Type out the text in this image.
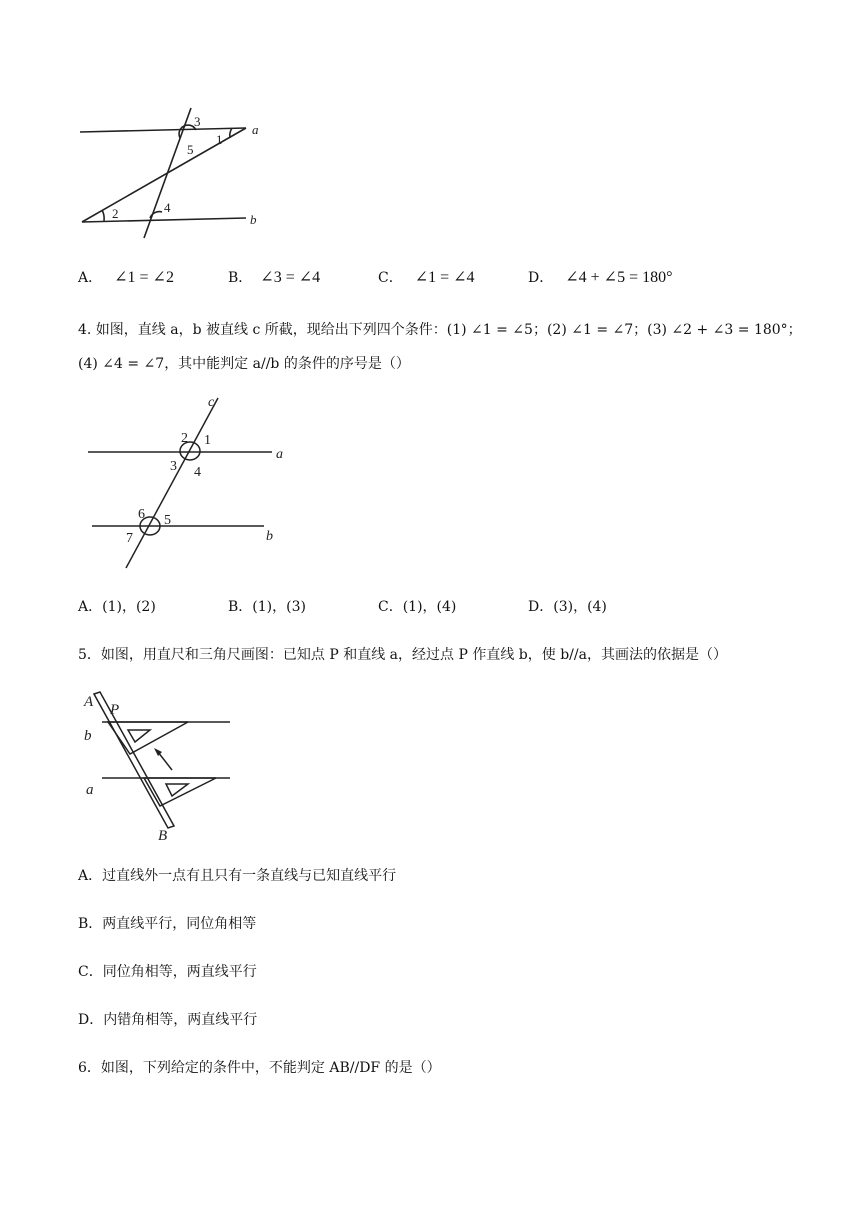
3
1
5
a
2	4
b
A． ∠1 = ∠2	B． ∠3 = ∠4	C． ∠1 = ∠4	D． ∠4 + ∠5 = 180°
4. 如图，直线 a，b 被直线 c 所截，现给出下列四个条件：(1) ∠1 = ∠5；(2) ∠1 = ∠7；(3) ∠2 + ∠3 = 180°；
(4) ∠4 = ∠7，其中能判定 a//b 的条件的序号是（）
c
2 1
3 4
a
6 5
7	b
A．(1)，(2)	B．(1)，(3)	C．(1)，(4)	D．(3)，(4)
5．如图，用直尺和三角尺画图：已知点 P 和直线 a，经过点 P 作直线 b，使 b//a，其画法的依据是（）
A P
b
a
B
A．过直线外一点有且只有一条直线与已知直线平行
B．两直线平行，同位角相等
C．同位角相等，两直线平行
D．内错角相等，两直线平行
6．如图，下列给定的条件中，不能判定 AB//DF 的是（）
